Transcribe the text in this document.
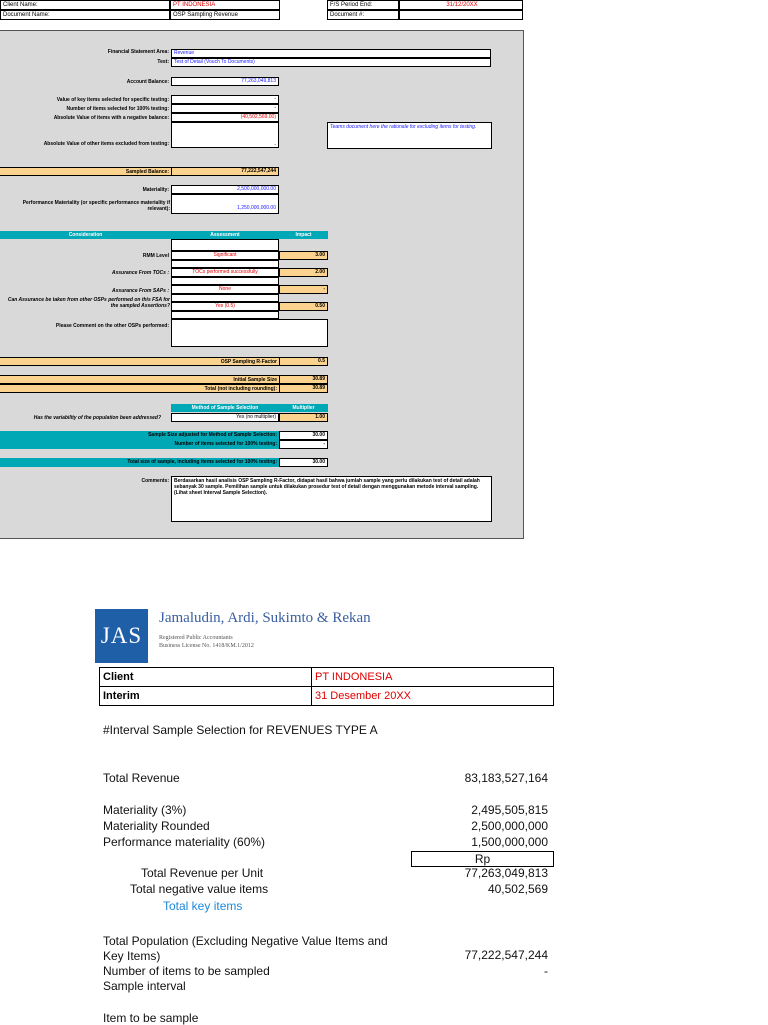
Client Name:	PT INDONESIA
Document Name:	OSP Sampling Revenue
F/S Period End:	31/12/20XX
Document #:
Financial Statement Area:	Revenue
Test:	Test of Detail (Vouch To Documents)
Account Balance:	77,263,049,813
Value of key items selected for specific testing:	-
Number of items selected for 100% testing:	-
Absolute Value of items with a negative balance:	(40,502,569.00)
Absolute Value of other items excluded from testing:	-
Teams document here the rationale for excluding items for testing.
Sampled Balance:	77,222,547,244
Materiality:	2,500,000,000.00
Performance Materiality (or specific performance materiality if relevant):	1,250,000,000.00
Consideration	Assessment	Impact
RMM Level	Significant	3.00
Assurance From TOCs :	TOCs performed successfully	2.00
Assurance From SAPs :	None	-
Can Assurance be taken from other OSPs performed on this FSA for the sampled Assertions?	Yes (0.5)	0.50
Please Comment on the other OSPs performed:
OSP Sampling R-Factor	0.5
Initial Sample Size	30.89
Total (not including rounding):	30.89
Method of Sample Selection	Multiplier
Has the variability of the population been addressed?	Yes (no multiplier)	1.00
Sample Size adjusted for Method of Sample Selection:	30.00
Number of items selected for 100% testing:	-
Total size of sample, including items selected for 100% testing:	30.00
Comments:	Berdasarkan hasil analisis OSP Sampling R-Factor, didapat hasil bahwa jumlah sample yang perlu dilakukan test of detail adalah sebanyak 30 sample. Pemilihan sample untuk dilakukan prosedur test of detail dengan menggunakan metode interval sampling. (Lihat sheet Interval Sample Selection).
JAS
Jamaludin, Ardi, Sukimto & Rekan
Registered Public Accountants
Business License No. 1418/KM.1/2012
Client	PT INDONESIA
Interim	31 Desember 20XX
#Interval Sample Selection for REVENUES TYPE A
Total Revenue	83,183,527,164
Materiality (3%)	2,495,505,815
Materiality Rounded	2,500,000,000
Performance materiality (60%)	1,500,000,000
Rp
Total Revenue per Unit	77,263,049,813
Total negative value items	40,502,569
Total key items
Total Population (Excluding Negative Value Items and Key Items)	77,222,547,244
Number of items to be sampled	-
Sample interval
Item to be sample
